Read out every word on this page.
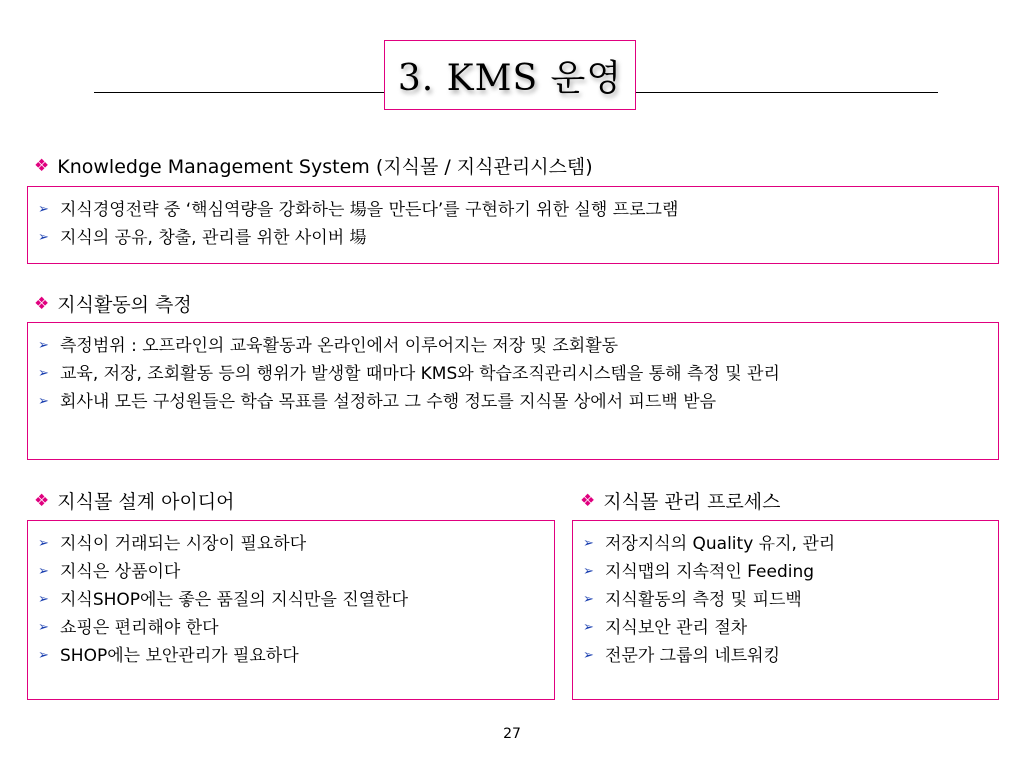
3. KMS 운영
❖ Knowledge Management System (지식몰 / 지식관리시스템)
➢ 지식경영전략 중 ‘핵심역량을 강화하는 場을 만든다’를 구현하기 위한 실행 프로그램
➢ 지식의 공유, 창출, 관리를 위한 사이버 場
❖ 지식활동의 측정
➢ 측정범위 : 오프라인의 교육활동과 온라인에서 이루어지는 저장 및 조회활동
➢ 교육, 저장, 조회활동 등의 행위가 발생할 때마다 KMS와 학습조직관리시스템을 통해 측정 및 관리
➢ 회사내 모든 구성원들은 학습 목표를 설정하고 그 수행 정도를 지식몰 상에서 피드백 받음
❖ 지식몰 설계 아이디어
➢ 지식이 거래되는 시장이 필요하다
➢ 지식은 상품이다
➢ 지식SHOP에는 좋은 품질의 지식만을 진열한다
➢ 쇼핑은 편리해야 한다
➢ SHOP에는 보안관리가 필요하다
❖ 지식몰 관리 프로세스
➢ 저장지식의 Quality 유지, 관리
➢ 지식맵의 지속적인 Feeding
➢ 지식활동의 측정 및 피드백
➢ 지식보안 관리 절차
➢ 전문가 그룹의 네트워킹
27
